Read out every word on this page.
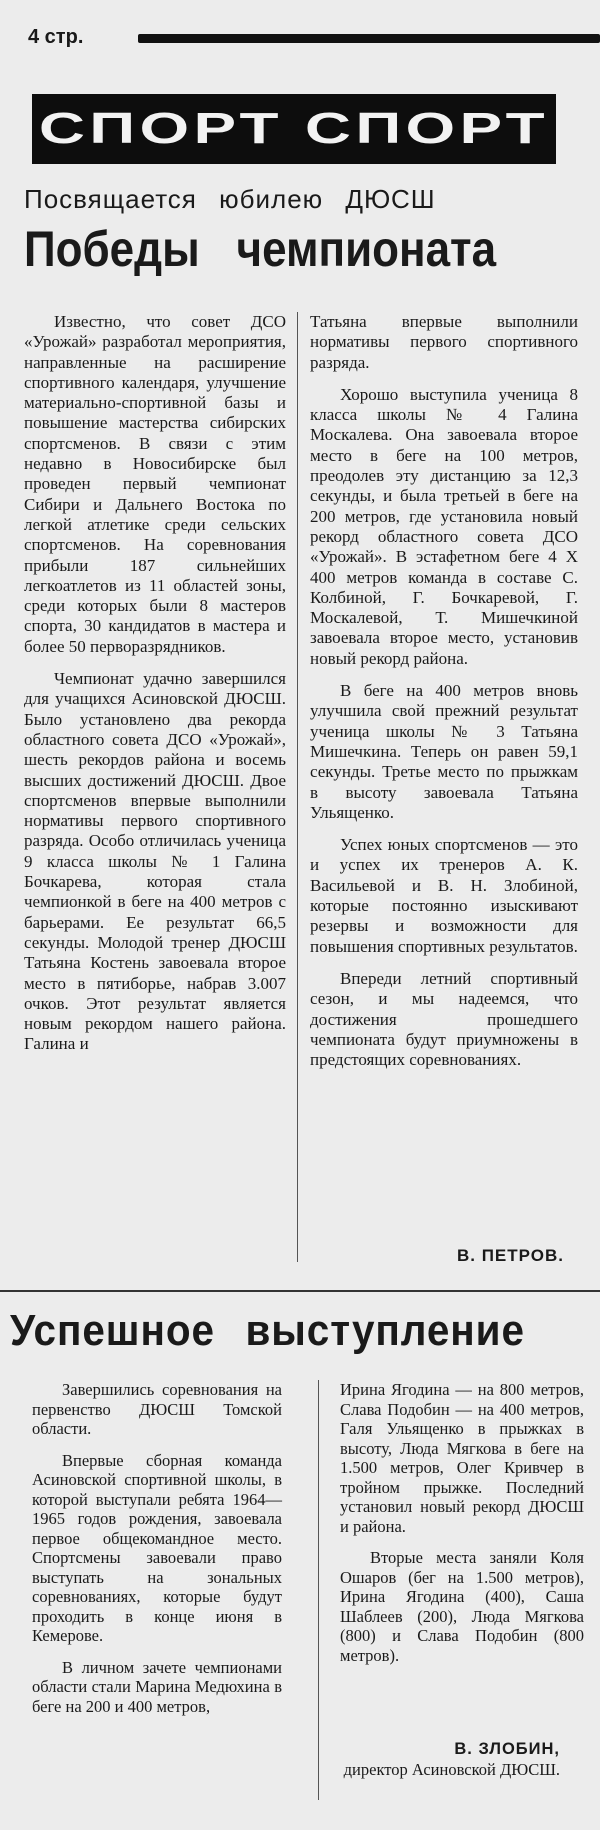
4 стр.
СПОРТ СПОРТ
Посвящается юбилею ДЮСШ
Победы чемпионата

Известно, что совет ДСО «Урожай» разработал мероприятия, направленные на расширение спортивного календаря, улучшение материально-спортивной базы и повышение мастерства сибирских спортсменов. В связи с этим недавно в Новосибирске был проведен первый чемпионат Сибири и Дальнего Востока по легкой атлетике среди сельских спортсменов. На соревнования прибыли 187 сильнейших легкоатлетов из 11 областей зоны, среди которых были 8 мастеров спорта, 30 кандидатов в мастера и более 50 перворазрядников.

Чемпионат удачно завершился для учащихся Асиновской ДЮСШ. Было установлено два рекорда областного совета ДСО «Урожай», шесть рекордов района и восемь высших достижений ДЮСШ. Двое спортсменов впервые выполнили нормативы первого спортивного разряда. Особо отличилась ученица 9 класса школы № 1 Галина Бочкарева, которая стала чемпионкой в беге на 400 метров с барьерами. Ее результат 66,5 секунды. Молодой тренер ДЮСШ Татьяна Костень завоевала второе место в пятиборье, набрав 3.007 очков. Этот результат является новым рекордом нашего района. Галина и

Татьяна впервые выполнили нормативы первого спортивного разряда.

Хорошо выступила ученица 8 класса школы № 4 Галина Москалева. Она завоевала второе место в беге на 100 метров, преодолев эту дистанцию за 12,3 секунды, и была третьей в беге на 200 метров, где установила новый рекорд областного совета ДСО «Урожай». В эстафетном беге 4 Х 400 метров команда в составе С. Колбиной, Г. Бочкаревой, Г. Москалевой, Т. Мишечкиной завоевала второе место, установив новый рекорд района.

В беге на 400 метров вновь улучшила свой прежний результат ученица школы № 3 Татьяна Мишечкина. Теперь он равен 59,1 секунды. Третье место по прыжкам в высоту завоевала Татьяна Ульященко.

Успех юных спортсменов — это и успех их тренеров А. К. Васильевой и В. Н. Злобиной, которые постоянно изыскивают резервы и возможности для повышения спортивных результатов.

Впереди летний спортивный сезон, и мы надеемся, что достижения прошедшего чемпионата будут приумножены в предстоящих соревнованиях.

В. ПЕТРОВ.
Успешное выступление

Завершились соревнования на первенство ДЮСШ Томской области.

Впервые сборная команда Асиновской спортивной школы, в которой выступали ребята 1964—1965 годов рождения, завоевала первое общекомандное место. Спортсмены завоевали право выступать на зональных соревнованиях, которые будут проходить в конце июня в Кемерове.

В личном зачете чемпионами области стали Марина Медюхина в беге на 200 и 400 метров,

Ирина Ягодина — на 800 метров, Слава Подобин — на 400 метров, Галя Ульященко в прыжках в высоту, Люда Мягкова в беге на 1.500 метров, Олег Кривчер в тройном прыжке. Последний установил новый рекорд ДЮСШ и района.

Вторые места заняли Коля Ошаров (бег на 1.500 метров), Ирина Ягодина (400), Саша Шаблеев (200), Люда Мягкова (800) и Слава Подобин (800 метров).

В. ЗЛОБИН,
директор Асиновской ДЮСШ.
